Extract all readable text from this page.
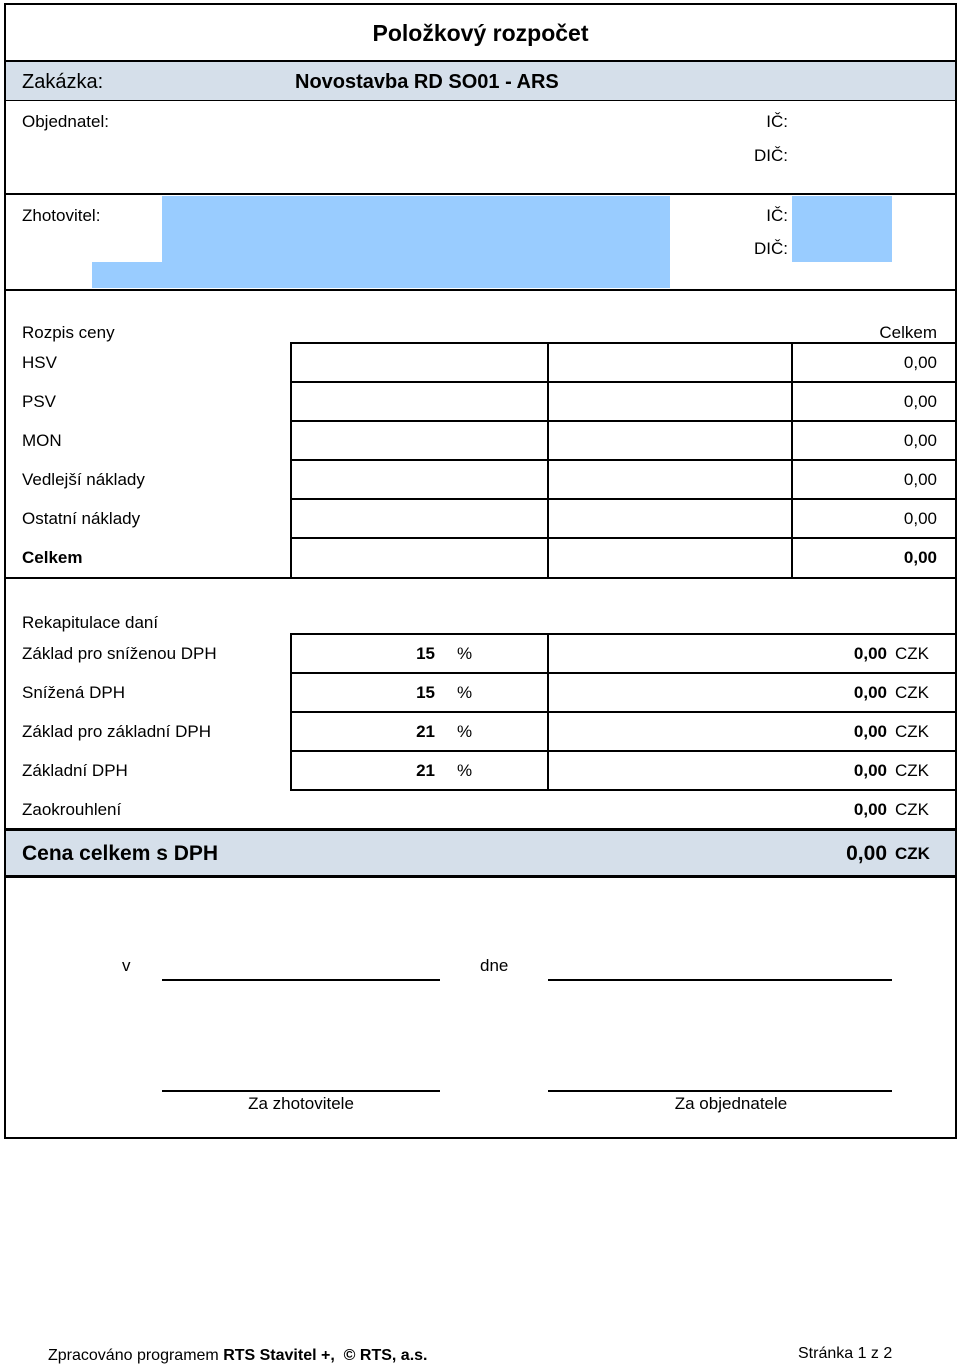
Položkový rozpočet
Zakázka:	Novostavba RD SO01 - ARS
Objednatel:	IČ:
DIČ:
Zhotovitel:	IČ:
DIČ:
Rozpis ceny	Celkem
HSV	0,00
PSV	0,00
MON	0,00
Vedlejší náklady	0,00
Ostatní náklady	0,00
Celkem	0,00
Rekapitulace daní
Základ pro sníženou DPH	15 %	0,00 CZK
Snížená DPH	15 %	0,00 CZK
Základ pro základní DPH	21 %	0,00 CZK
Základní DPH	21 %	0,00 CZK
Zaokrouhlení	0,00 CZK
Cena celkem s DPH	0,00 CZK
v	dne
Za zhotovitele	Za objednatele
Zpracováno programem RTS Stavitel +, © RTS, a.s.	Stránka 1 z 2
